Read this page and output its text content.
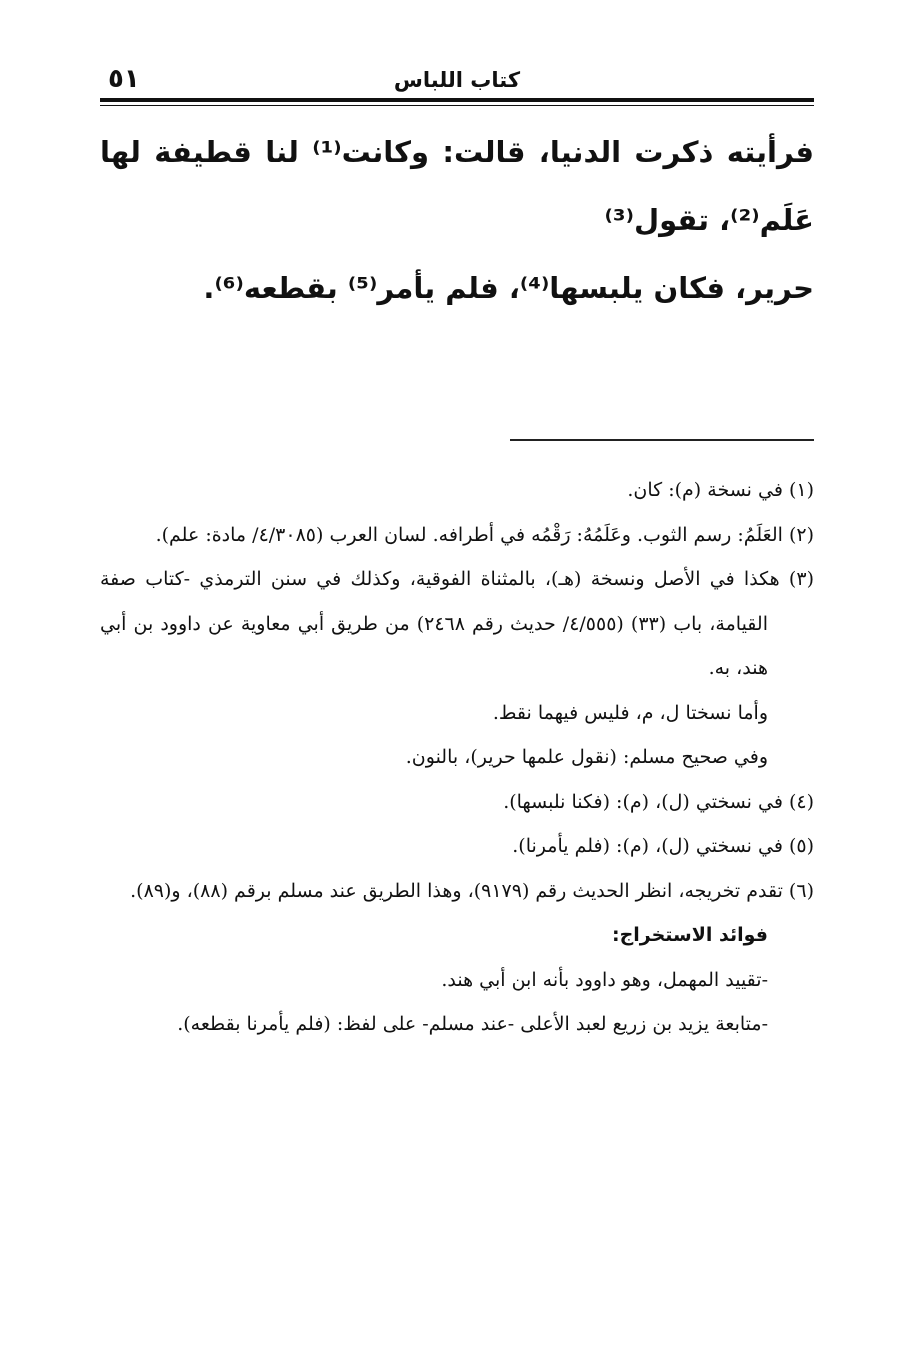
كتاب اللباس
٥١

فرأيته ذكرت الدنيا، قالت: وكانت⁽¹⁾ لنا قطيفة لها عَلَم⁽²⁾، تقول⁽³⁾

حرير، فكان يلبسها⁽⁴⁾، فلم يأمر⁽⁵⁾ بقطعه⁽⁶⁾.

(١) في نسخة (م): كان.

(٢) العَلَمُ: رسم الثوب. وعَلَمُهُ: رَقْمُه في أطرافه. لسان العرب (٤/٣٠٨٥/ مادة: علم).

(٣) هكذا في الأصل ونسخة (هـ)، بالمثناة الفوقية، وكذلك في سنن الترمذي -كتاب صفة القيامة، باب (٣٣) (٤/٥٥٥/ حديث رقم ٢٤٦٨) من طريق أبي معاوية عن داوود بن أبي هند، به.

وأما نسختا ل، م، فليس فيهما نقط.

وفي صحيح مسلم: (نقول علمها حرير)، بالنون.

(٤) في نسختي (ل)، (م): (فكنا نلبسها).

(٥) في نسختي (ل)، (م): (فلم يأمرنا).

(٦) تقدم تخريجه، انظر الحديث رقم (٩١٧٩)، وهذا الطريق عند مسلم برقم (٨٨)، و(٨٩).

فوائد الاستخراج:

-تقييد المهمل، وهو داوود بأنه ابن أبي هند.

-متابعة يزيد بن زريع لعبد الأعلى -عند مسلم- على لفظ: (فلم يأمرنا بقطعه).
